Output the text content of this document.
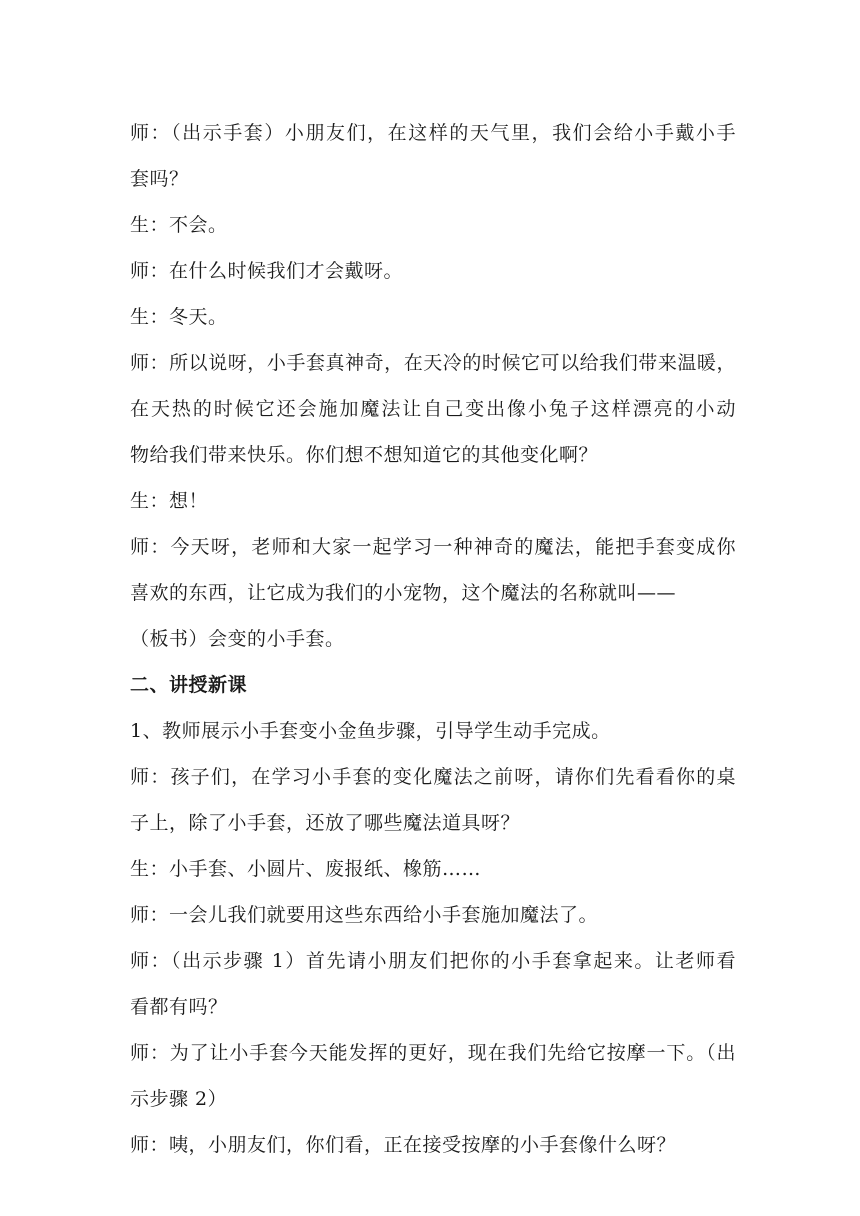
师：（出示手套）小朋友们，在这样的天气里，我们会给小手戴小手
套吗？
生：不会。
师：在什么时候我们才会戴呀。
生：冬天。
师：所以说呀，小手套真神奇，在天冷的时候它可以给我们带来温暖，
在天热的时候它还会施加魔法让自己变出像小兔子这样漂亮的小动
物给我们带来快乐。你们想不想知道它的其他变化啊？
生：想！
师：今天呀，老师和大家一起学习一种神奇的魔法，能把手套变成你
喜欢的东西，让它成为我们的小宠物，这个魔法的名称就叫——
（板书）会变的小手套。
二、讲授新课
1、教师展示小手套变小金鱼步骤，引导学生动手完成。
师：孩子们，在学习小手套的变化魔法之前呀，请你们先看看你的桌
子上，除了小手套，还放了哪些魔法道具呀？
生：小手套、小圆片、废报纸、橡筋……
师：一会儿我们就要用这些东西给小手套施加魔法了。
师：（出示步骤 1）首先请小朋友们把你的小手套拿起来。让老师看
看都有吗？
师：为了让小手套今天能发挥的更好，现在我们先给它按摩一下。（出
示步骤 2）
师：咦，小朋友们，你们看，正在接受按摩的小手套像什么呀？
